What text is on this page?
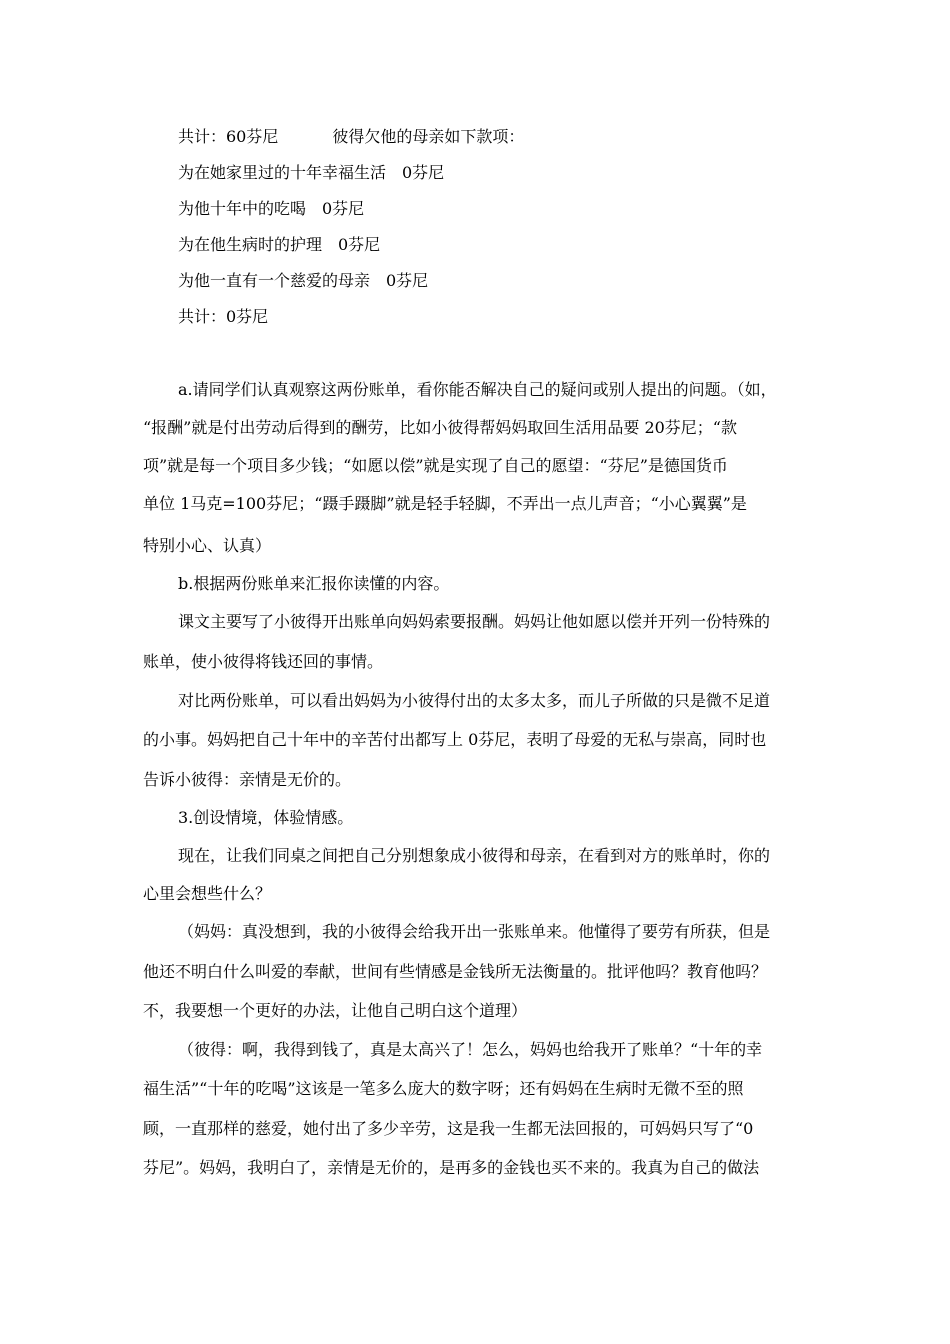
共计：60芬尼	彼得欠他的母亲如下款项：
为在她家里过的十年幸福生活　0芬尼
为他十年中的吃喝　0芬尼
为在他生病时的护理　0芬尼
为他一直有一个慈爱的母亲　0芬尼
共计：0芬尼
a.请同学们认真观察这两份账单，看你能否解决自己的疑问或别人提出的问题。（如，
“报酬”就是付出劳动后得到的酬劳，比如小彼得帮妈妈取回生活用品要 20芬尼；“款
项”就是每一个项目多少钱；“如愿以偿”就是实现了自己的愿望：“芬尼”是德国货币
单位 1马克=100芬尼；“蹑手蹑脚”就是轻手轻脚，不弄出一点儿声音；“小心翼翼”是
特别小心、认真）
b.根据两份账单来汇报你读懂的内容。
课文主要写了小彼得开出账单向妈妈索要报酬。妈妈让他如愿以偿并开列一份特殊的
账单，使小彼得将钱还回的事情。
对比两份账单，可以看出妈妈为小彼得付出的太多太多，而儿子所做的只是微不足道
的小事。妈妈把自己十年中的辛苦付出都写上 0芬尼，表明了母爱的无私与崇高，同时也
告诉小彼得：亲情是无价的。
3.创设情境，体验情感。
现在，让我们同桌之间把自己分别想象成小彼得和母亲，在看到对方的账单时，你的
心里会想些什么？
（妈妈：真没想到，我的小彼得会给我开出一张账单来。他懂得了要劳有所获，但是
他还不明白什么叫爱的奉献，世间有些情感是金钱所无法衡量的。批评他吗？教育他吗？
不，我要想一个更好的办法，让他自己明白这个道理）
（彼得：啊，我得到钱了，真是太高兴了！怎么，妈妈也给我开了账单？“十年的幸
福生活”“十年的吃喝”这该是一笔多么庞大的数字呀；还有妈妈在生病时无微不至的照
顾，一直那样的慈爱，她付出了多少辛劳，这是我一生都无法回报的，可妈妈只写了“0
芬尼”。妈妈，我明白了，亲情是无价的，是再多的金钱也买不来的。我真为自己的做法
